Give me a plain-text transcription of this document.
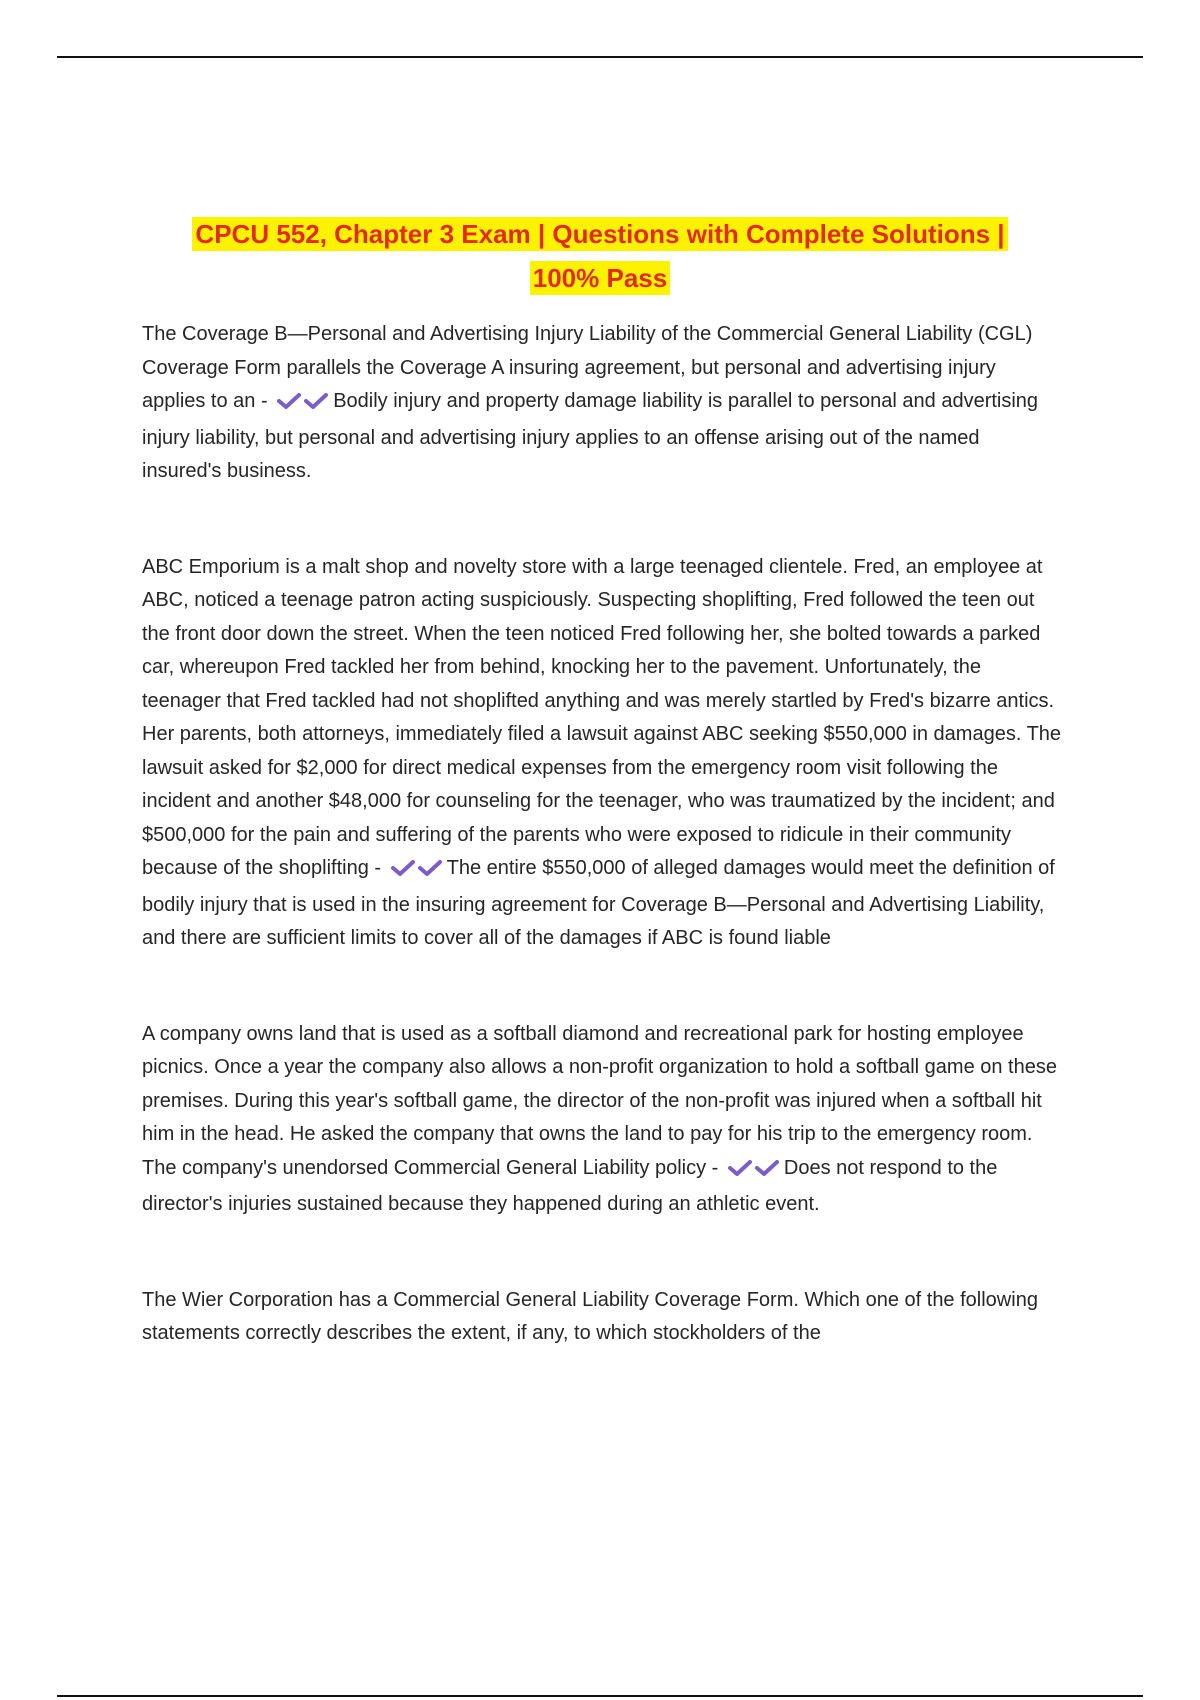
CPCU 552, Chapter 3 Exam | Questions with Complete Solutions |
100% Pass

The Coverage B—Personal and Advertising Injury Liability of the Commercial General Liability (CGL) Coverage Form parallels the Coverage A insuring agreement, but personal and advertising injury applies to an -	Bodily injury and property damage liability is parallel to personal and advertising injury liability, but personal and advertising injury applies to an offense arising out of the named insured's business.

ABC Emporium is a malt shop and novelty store with a large teenaged clientele. Fred, an employee at ABC, noticed a teenage patron acting suspiciously. Suspecting shoplifting, Fred followed the teen out the front door down the street. When the teen noticed Fred following her, she bolted towards a parked car, whereupon Fred tackled her from behind, knocking her to the pavement. Unfortunately, the teenager that Fred tackled had not shoplifted anything and was merely startled by Fred's bizarre antics. Her parents, both attorneys, immediately filed a lawsuit against ABC seeking $550,000 in damages. The lawsuit asked for $2,000 for direct medical expenses from the emergency room visit following the incident and another $48,000 for counseling for the teenager, who was traumatized by the incident; and $500,000 for the pain and suffering of the parents who were exposed to ridicule in their community because of the shoplifting -	The entire $550,000 of alleged damages would meet the definition of bodily injury that is used in the insuring agreement for Coverage B—Personal and Advertising Liability, and there are sufficient limits to cover all of the damages if ABC is found liable

A company owns land that is used as a softball diamond and recreational park for hosting employee picnics. Once a year the company also allows a non-profit organization to hold a softball game on these premises. During this year's softball game, the director of the non-profit was injured when a softball hit him in the head. He asked the company that owns the land to pay for his trip to the emergency room. The company's unendorsed Commercial General Liability policy -	Does not respond to the director's injuries sustained because they happened during an athletic event.

The Wier Corporation has a Commercial General Liability Coverage Form. Which one of the following statements correctly describes the extent, if any, to which stockholders of the
